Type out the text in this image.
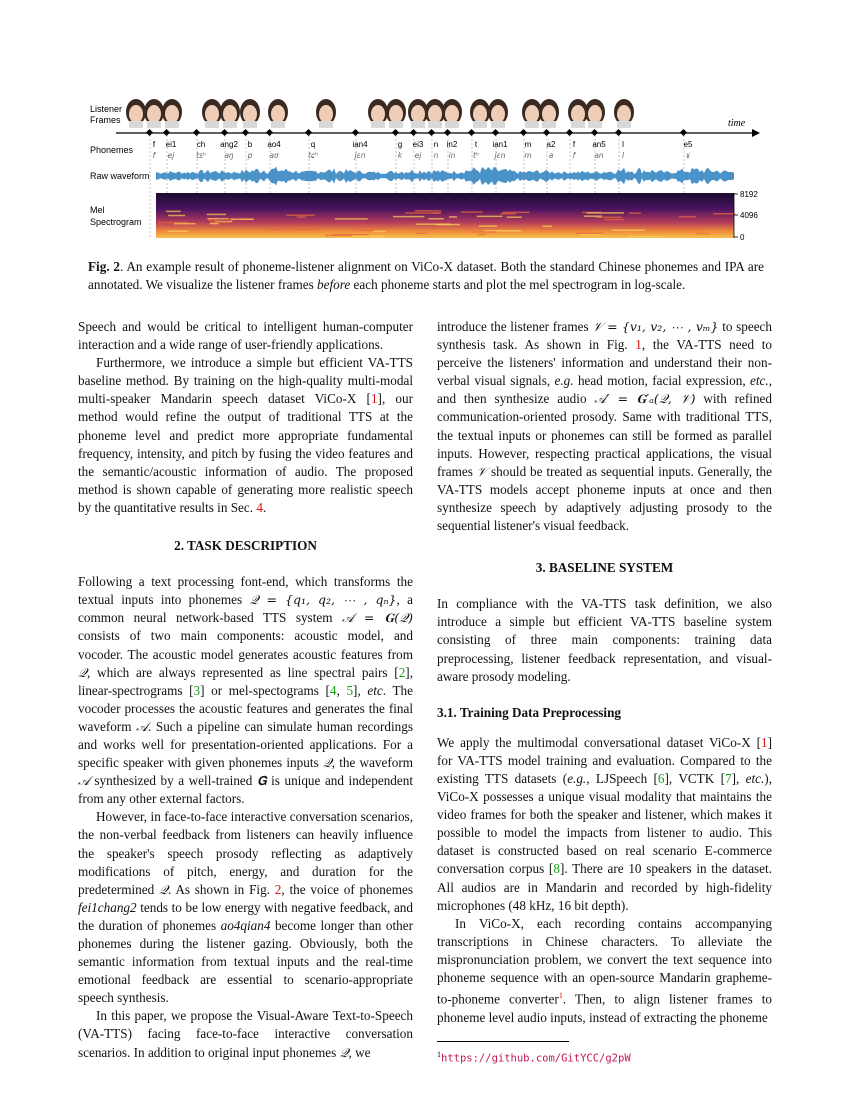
Listener
Frames
Phonemes
Raw waveform
Mel
Spectrogram
time
f
f
ei1
ej
ch
tsʰ
ang2
aŋ
b
p
ao4
aʊ
q
tɕʰ
ian4
jɛn
g
k
ei3
ej
n
n
in2
in
t
tʰ
ian1
jɛn
m
m
a2
a
f
f
an5
an
l
l
e5
ɤ
8192
4096
0
Fig. 2. An example result of phoneme-listener alignment on ViCo-X dataset. Both the standard Chinese phonemes and IPA are annotated. We visualize the listener frames before each phoneme starts and plot the mel spectrogram in log-scale.

Speech and would be critical to intelligent human-computer interaction and a wide range of user-friendly applications.

Furthermore, we introduce a simple but efficient VA-TTS baseline method. By training on the high-quality multi-modal multi-speaker Mandarin speech dataset ViCo-X [1], our method would refine the output of traditional TTS at the phoneme level and predict more appropriate fundamental frequency, intensity, and pitch by fusing the video features and the semantic/acoustic information of audio. The proposed method is shown capable of generating more realistic speech by the quantitative results in Sec. 4.

2. TASK DESCRIPTION

Following a text processing font-end, which transforms the textual inputs into phonemes 𝒬 = {q₁, q₂, ⋯ , qₙ}, a common neural network-based TTS system 𝒜 = 𝐆(𝒬) consists of two main components: acoustic model, and vocoder. The acoustic model generates acoustic features from 𝒬, which are always represented as line spectral pairs [2], linear-spectrograms [3] or mel-spectograms [4, 5], etc. The vocoder processes the acoustic features and generates the final waveform 𝒜. Such a pipeline can simulate human recordings and works well for presentation-oriented applications. For a specific speaker with given phonemes inputs 𝒬, the waveform 𝒜 synthesized by a well-trained 𝐆 is unique and independent from any other external factors.

However, in face-to-face interactive conversation scenarios, the non-verbal feedback from listeners can heavily influence the speaker's speech prosody reflecting as adaptively modifications of pitch, energy, and duration for the predetermined 𝒬. As shown in Fig. 2, the voice of phonemes fei1chang2 tends to be low energy with negative feedback, and the duration of phonemes ao4qian4 become longer than other phonemes during the listener gazing. Obviously, both the semantic information from textual inputs and the real-time emotional feedback are essential to scenario-appropriate speech synthesis.

In this paper, we propose the Visual-Aware Text-to-Speech (VA-TTS) facing face-to-face interactive conversation scenarios. In addition to original input phonemes 𝒬, we

introduce the listener frames 𝒱 = {v₁, v₂, ⋯ , vₘ} to speech synthesis task. As shown in Fig. 1, the VA-TTS need to perceive the listeners' information and understand their non-verbal visual signals, e.g. head motion, facial expression, etc., and then synthesize audio 𝒜′ = 𝐆′ₐ(𝒬, 𝒱) with refined communication-oriented prosody. Same with traditional TTS, the textual inputs or phonemes can still be formed as parallel inputs. However, respecting practical applications, the visual frames 𝒱 should be treated as sequential inputs. Generally, the VA-TTS models accept phoneme inputs at once and then synthesize speech by adaptively adjusting prosody to the sequential listener's visual feedback.

3. BASELINE SYSTEM

In compliance with the VA-TTS task definition, we also introduce a simple but efficient VA-TTS baseline system consisting of three main components: training data preprocessing, listener feedback representation, and visual-aware prosody modeling.

3.1. Training Data Preprocessing

We apply the multimodal conversational dataset ViCo-X [1] for VA-TTS model training and evaluation. Compared to the existing TTS datasets (e.g., LJSpeech [6], VCTK [7], etc.), ViCo-X possesses a unique visual modality that maintains the video frames for both the speaker and listener, which makes it possible to model the impacts from listener to audio. This dataset is constructed based on real scenario E-commerce conversation corpus [8]. There are 10 speakers in the dataset. All audios are in Mandarin and recorded by high-fidelity microphones (48 kHz, 16 bit depth).

In ViCo-X, each recording contains accompanying transcriptions in Chinese characters. To alleviate the mispronunciation problem, we convert the text sequence into phoneme sequence with an open-source Mandarin grapheme-to-phoneme converter$^1$. Then, to align listener frames to phoneme level audio inputs, instead of extracting the phoneme

$^1$https://github.com/GitYCC/g2pW
